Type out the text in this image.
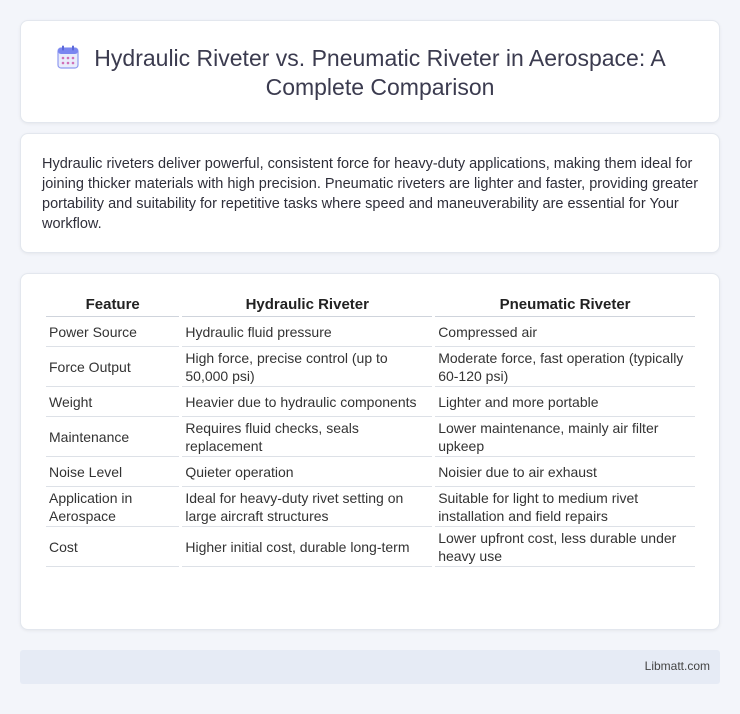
Hydraulic Riveter vs. Pneumatic Riveter in Aerospace: A Complete Comparison

Hydraulic riveters deliver powerful, consistent force for heavy-duty applications, making them ideal for joining thicker materials with high precision. Pneumatic riveters are lighter and faster, providing greater portability and suitability for repetitive tasks where speed and maneuverability are essential for Your workflow.

Feature	Hydraulic Riveter	Pneumatic Riveter
Power Source	Hydraulic fluid pressure	Compressed air
Force Output	High force, precise control (up to 50,000 psi)	Moderate force, fast operation (typically 60-120 psi)
Weight	Heavier due to hydraulic components	Lighter and more portable
Maintenance	Requires fluid checks, seals replacement	Lower maintenance, mainly air filter upkeep
Noise Level	Quieter operation	Noisier due to air exhaust
Application in Aerospace	Ideal for heavy-duty rivet setting on large aircraft structures	Suitable for light to medium rivet installation and field repairs
Cost	Higher initial cost, durable long-term	Lower upfront cost, less durable under heavy use
Libmatt.com
